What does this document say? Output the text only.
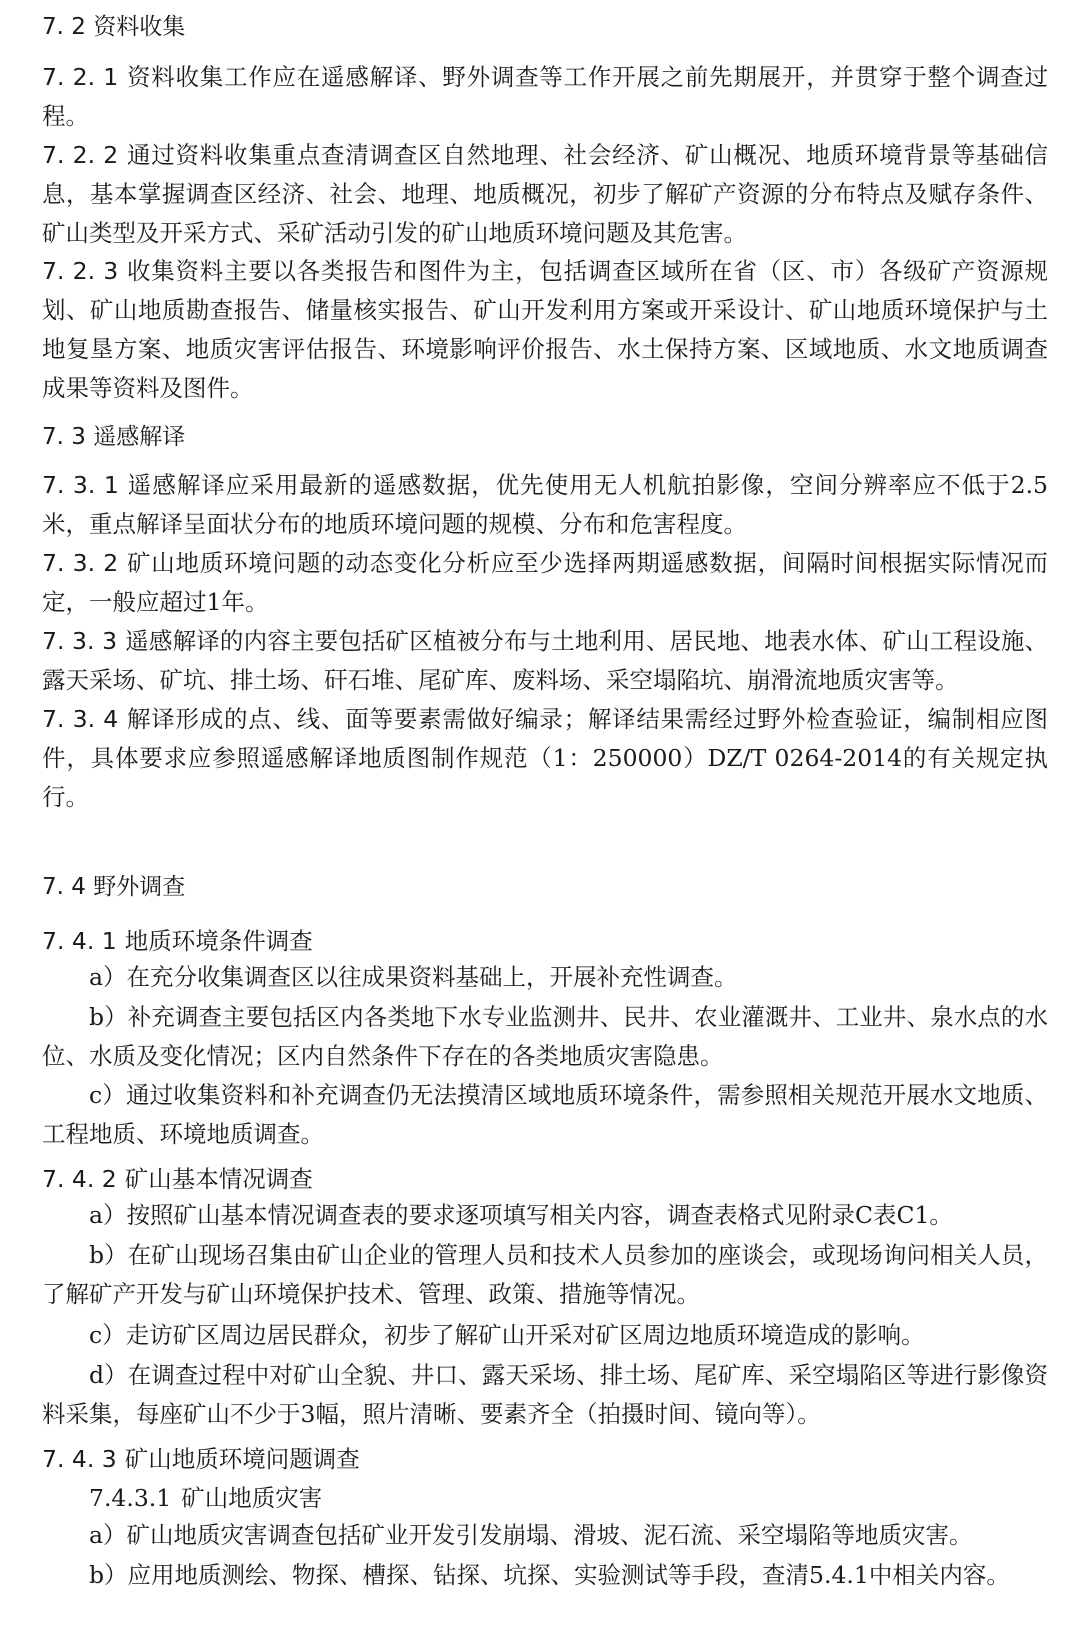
7. 2 资料收集
7. 2. 1 资料收集工作应在遥感解译、野外调查等工作开展之前先期展开，并贯穿于整个调查过程。
7. 2. 2 通过资料收集重点查清调查区自然地理、社会经济、矿山概况、地质环境背景等基础信息，基本掌握调查区经济、社会、地理、地质概况，初步了解矿产资源的分布特点及赋存条件、矿山类型及开采方式、采矿活动引发的矿山地质环境问题及其危害。
7. 2. 3 收集资料主要以各类报告和图件为主，包括调查区域所在省（区、市）各级矿产资源规划、矿山地质勘查报告、储量核实报告、矿山开发利用方案或开采设计、矿山地质环境保护与土地复垦方案、地质灾害评估报告、环境影响评价报告、水土保持方案、区域地质、水文地质调查成果等资料及图件。
7. 3 遥感解译
7. 3. 1 遥感解译应采用最新的遥感数据，优先使用无人机航拍影像，空间分辨率应不低于2.5米，重点解译呈面状分布的地质环境问题的规模、分布和危害程度。
7. 3. 2 矿山地质环境问题的动态变化分析应至少选择两期遥感数据，间隔时间根据实际情况而定，一般应超过1年。
7. 3. 3 遥感解译的内容主要包括矿区植被分布与土地利用、居民地、地表水体、矿山工程设施、露天采场、矿坑、排土场、矸石堆、尾矿库、废料场、采空塌陷坑、崩滑流地质灾害等。
7. 3. 4 解译形成的点、线、面等要素需做好编录；解译结果需经过野外检查验证，编制相应图件，具体要求应参照遥感解译地质图制作规范（1：250000）DZ/T 0264-2014的有关规定执行。
7. 4 野外调查
7. 4. 1 地质环境条件调查
a）在充分收集调查区以往成果资料基础上，开展补充性调查。
b）补充调查主要包括区内各类地下水专业监测井、民井、农业灌溉井、工业井、泉水点的水位、水质及变化情况；区内自然条件下存在的各类地质灾害隐患。
c）通过收集资料和补充调查仍无法摸清区域地质环境条件，需参照相关规范开展水文地质、工程地质、环境地质调查。
7. 4. 2 矿山基本情况调查
a）按照矿山基本情况调查表的要求逐项填写相关内容，调查表格式见附录C表C1。
b）在矿山现场召集由矿山企业的管理人员和技术人员参加的座谈会，或现场询问相关人员，了解矿产开发与矿山环境保护技术、管理、政策、措施等情况。
c）走访矿区周边居民群众，初步了解矿山开采对矿区周边地质环境造成的影响。
d）在调查过程中对矿山全貌、井口、露天采场、排土场、尾矿库、采空塌陷区等进行影像资料采集，每座矿山不少于3幅，照片清晰、要素齐全（拍摄时间、镜向等）。
7. 4. 3 矿山地质环境问题调查
7.4.3.1 矿山地质灾害
a）矿山地质灾害调查包括矿业开发引发崩塌、滑坡、泥石流、采空塌陷等地质灾害。
b）应用地质测绘、物探、槽探、钻探、坑探、实验测试等手段，查清5.4.1中相关内容。
